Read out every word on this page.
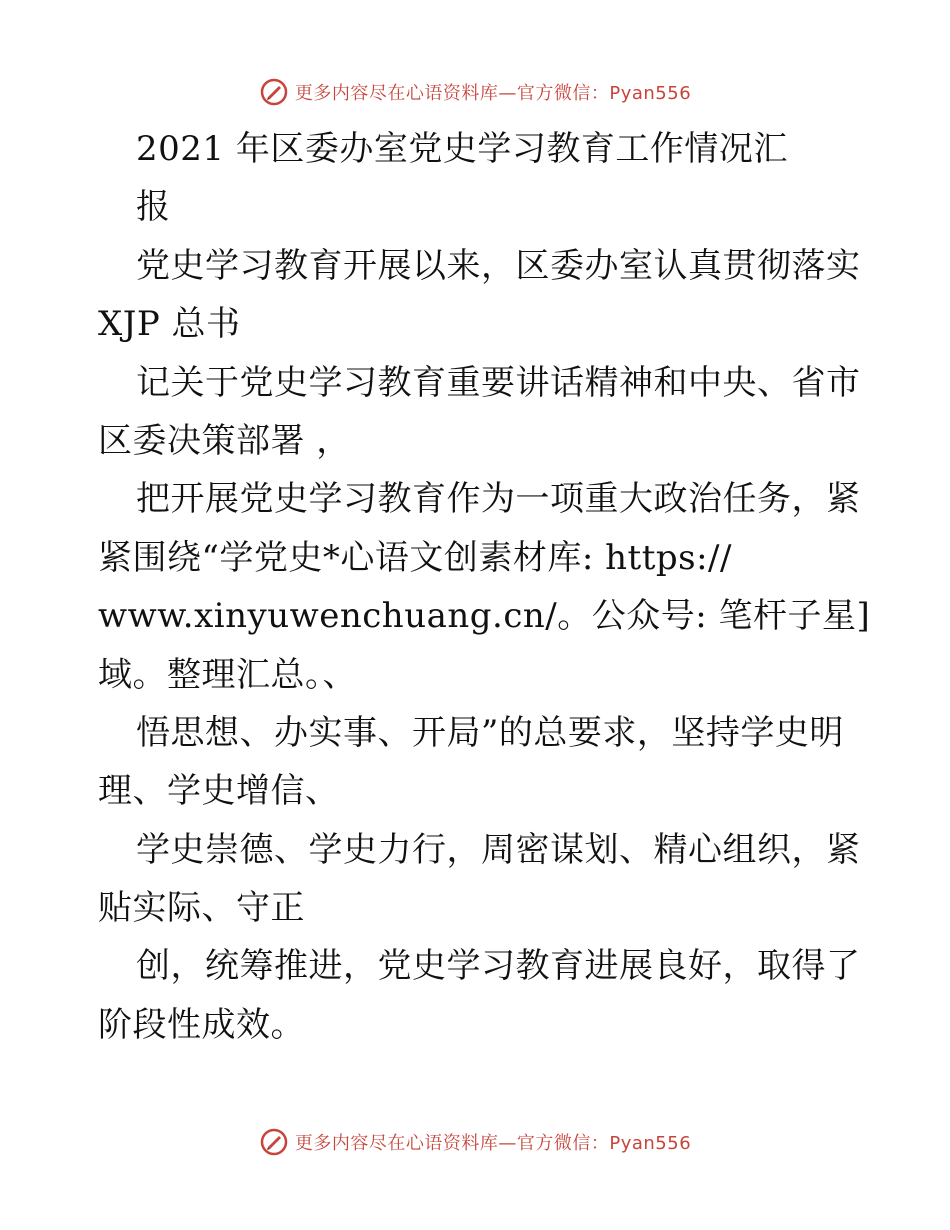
更多内容尽在心语资料库—官方微信：Pyan556
2021 年区委办室党史学习教育工作情况汇
报
党史学习教育开展以来，区委办室认真贯彻落实
XJP 总书
记关于党史学习教育重要讲话精神和中央、省市
区委决策部署 ，
把开展党史学习教育作为一项重大政治任务，紧
紧围绕“学党史*心语文创素材库: https://
www.xinyuwenchuang.cn/。公众号: 笔杆子星]
域。整理汇总。、
悟思想、办实事、开局”的总要求，坚持学史明
理、学史增信、
学史崇德、学史力行，周密谋划、精心组织，紧
贴实际、守正
创，统筹推进，党史学习教育进展良好，取得了
阶段性成效。
更多内容尽在心语资料库—官方微信：Pyan556
